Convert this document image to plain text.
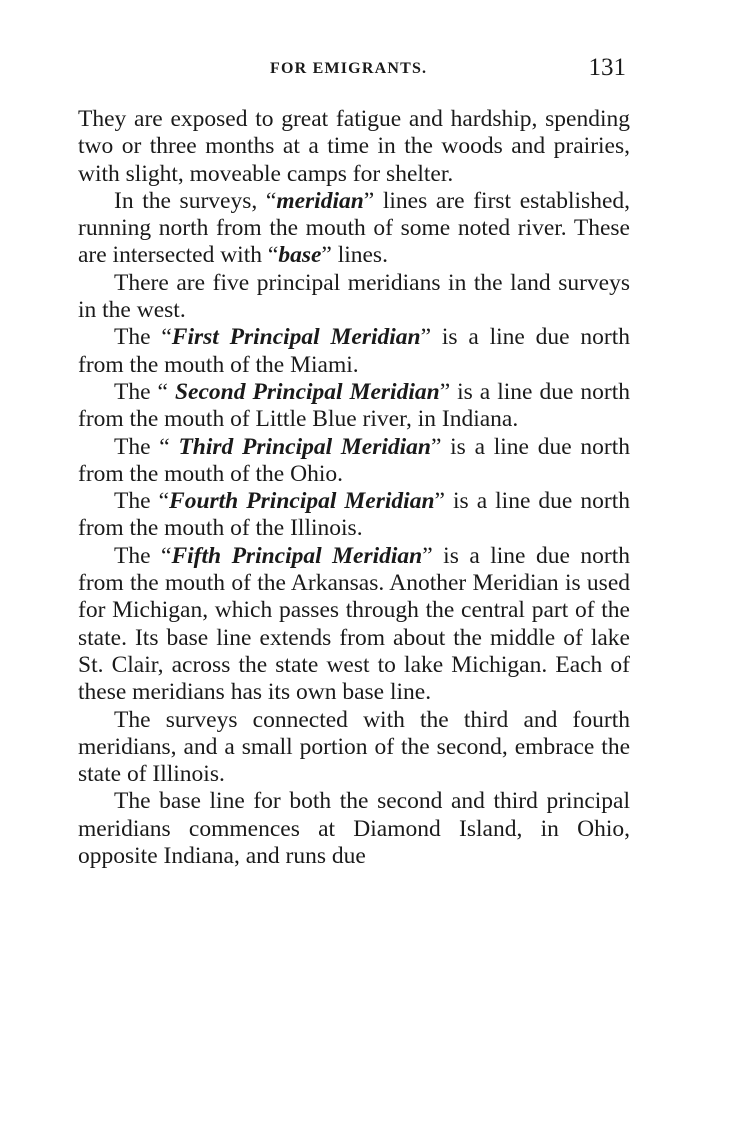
FOR EMIGRANTS.	131

They are exposed to great fatigue and hardship, spending two or three months at a time in the woods and prairies, with slight, moveable camps for shelter.

In the surveys, “meridian” lines are first established, running north from the mouth of some noted river. These are intersected with “base” lines.

There are five principal meridians in the land surveys in the west.

The “First Principal Meridian” is a line due north from the mouth of the Miami.

The “ Second Principal Meridian” is a line due north from the mouth of Little Blue river, in Indiana.

The “ Third Principal Meridian” is a line due north from the mouth of the Ohio.

The “Fourth Principal Meridian” is a line due north from the mouth of the Illinois.

The “Fifth Principal Meridian” is a line due north from the mouth of the Arkansas. Another Meridian is used for Michigan, which passes through the central part of the state. Its base line extends from about the middle of lake St. Clair, across the state west to lake Michigan. Each of these meridians has its own base line.

The surveys connected with the third and fourth meridians, and a small portion of the second, embrace the state of Illinois.

The base line for both the second and third principal meridians commences at Diamond Island, in Ohio, opposite Indiana, and runs due
